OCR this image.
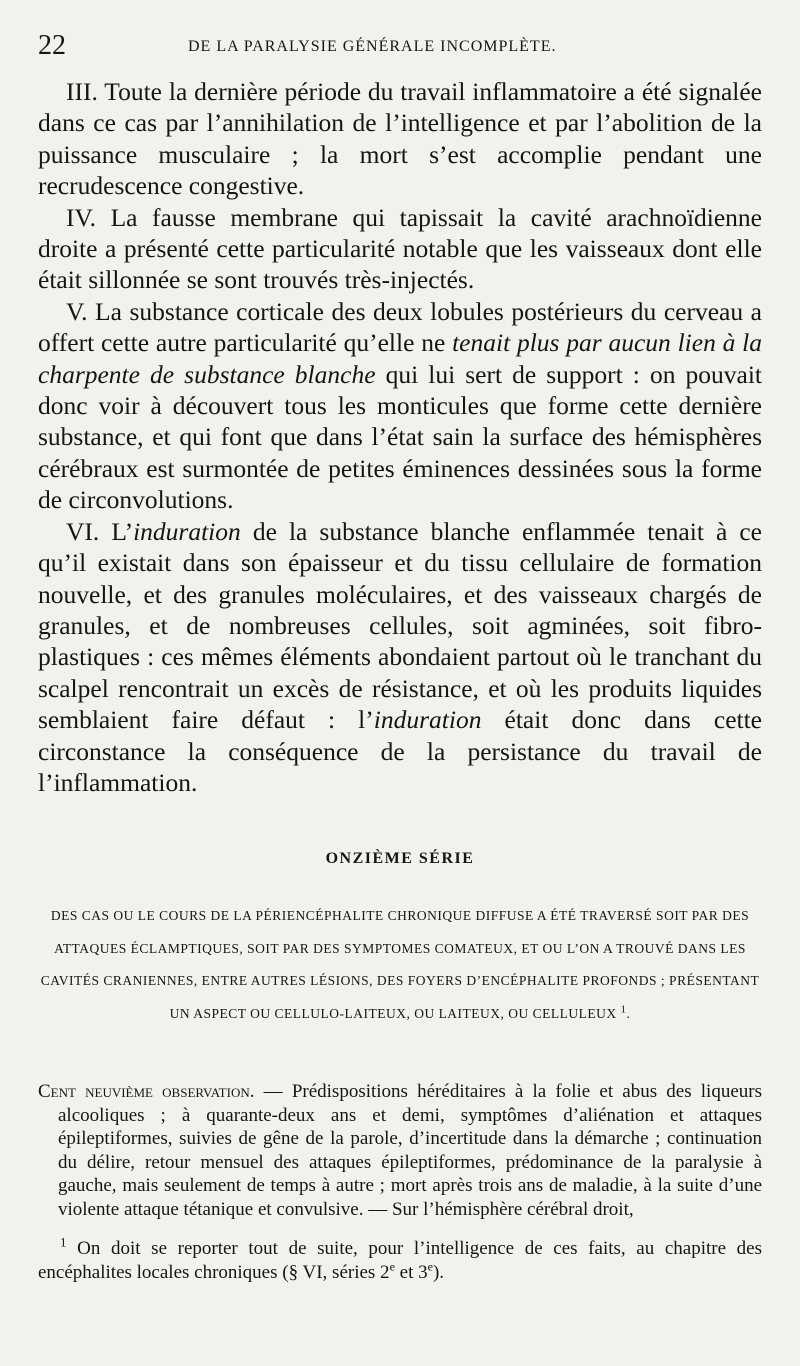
22	DE LA PARALYSIE GÉNÉRALE INCOMPLÈTE.

III. Toute la dernière période du travail inflammatoire a été signalée dans ce cas par l’annihilation de l’intelligence et par l’abolition de la puissance musculaire ; la mort s’est accomplie pendant une recrudescence congestive.

IV. La fausse membrane qui tapissait la cavité arachnoïdienne droite a présenté cette particularité notable que les vaisseaux dont elle était sillonnée se sont trouvés très-injectés.

V. La substance corticale des deux lobules postérieurs du cerveau a offert cette autre particularité qu’elle ne tenait plus par aucun lien à la charpente de substance blanche qui lui sert de support : on pouvait donc voir à découvert tous les monticules que forme cette dernière substance, et qui font que dans l’état sain la surface des hémisphères cérébraux est surmontée de petites éminences dessinées sous la forme de circonvolutions.

VI. L’induration de la substance blanche enflammée tenait à ce qu’il existait dans son épaisseur et du tissu cellulaire de formation nouvelle, et des granules moléculaires, et des vaisseaux chargés de granules, et de nombreuses cellules, soit agminées, soit fibro-plastiques : ces mêmes éléments abondaient partout où le tranchant du scalpel rencontrait un excès de résistance, et où les produits liquides semblaient faire défaut : l’induration était donc dans cette circonstance la conséquence de la persistance du travail de l’inflammation.

ONZIÈME SÉRIE
DES CAS OU LE COURS DE LA PÉRIENCÉPHALITE CHRONIQUE DIFFUSE A ÉTÉ TRAVERSÉ SOIT PAR DES ATTAQUES ÉCLAMPTIQUES, SOIT PAR DES SYMPTOMES COMATEUX, ET OU L’ON A TROUVÉ DANS LES CAVITÉS CRANIENNES, ENTRE AUTRES LÉSIONS, DES FOYERS D’ENCÉPHALITE PROFONDS ; PRÉSENTANT UN ASPECT OU CELLULO-LAITEUX, OU LAITEUX, OU CELLULEUX $^1$.
Cent neuvième observation. — Prédispositions héréditaires à la folie et abus des liqueurs alcooliques ; à quarante-deux ans et demi, symptômes d’aliénation et attaques épileptiformes, suivies de gêne de la parole, d’incertitude dans la démarche ; continuation du délire, retour mensuel des attaques épileptiformes, prédominance de la paralysie à gauche, mais seulement de temps à autre ; mort après trois ans de maladie, à la suite d’une violente attaque tétanique et convulsive. — Sur l’hémisphère cérébral droit,
$^1$ On doit se reporter tout de suite, pour l’intelligence de ces faits, au chapitre des encéphalites locales chroniques (§ VI, séries 2e et 3e).
